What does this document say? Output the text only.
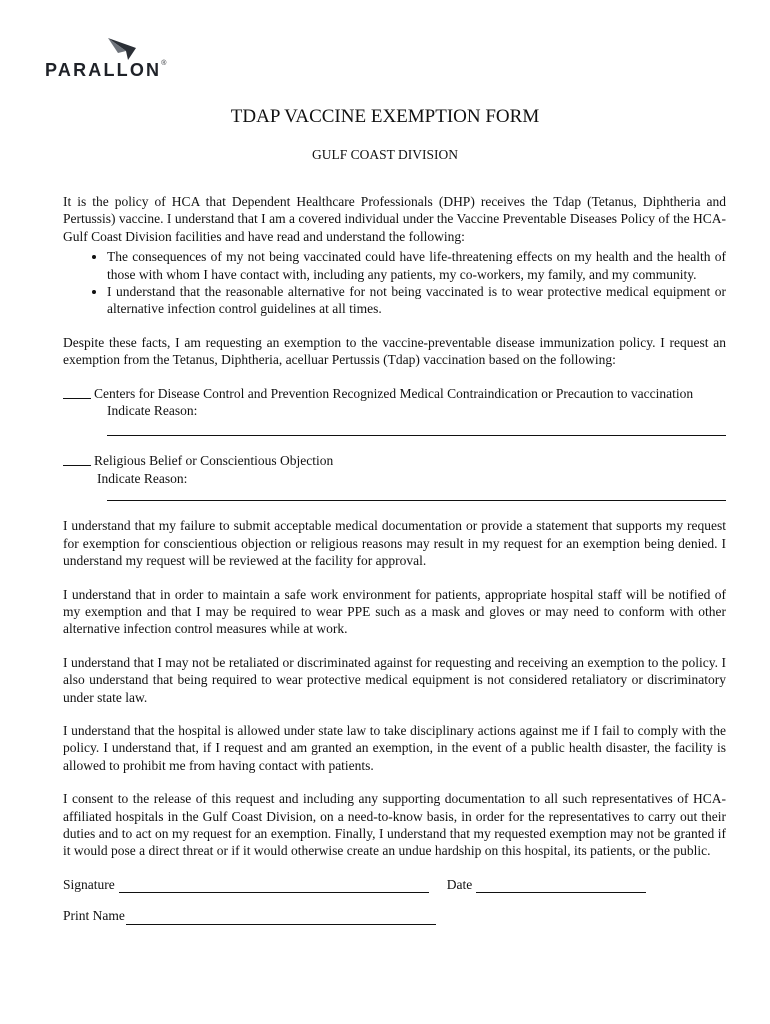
PARALLON®
TDAP VACCINE EXEMPTION FORM
GULF COAST DIVISION

It is the policy of HCA that Dependent Healthcare Professionals (DHP) receives the Tdap (Tetanus, Diphtheria and Pertussis) vaccine. I understand that I am a covered individual under the Vaccine Preventable Diseases Policy of the HCA-Gulf Coast Division facilities and have read and understand the following:

• The consequences of my not being vaccinated could have life-threatening effects on my health and the health of those with whom I have contact with, including any patients, my co-workers, my family, and my community.
• I understand that the reasonable alternative for not being vaccinated is to wear protective medical equipment or alternative infection control guidelines at all times.

Despite these facts, I am requesting an exemption to the vaccine-preventable disease immunization policy. I request an exemption from the Tetanus, Diphtheria, acelluar Pertussis (Tdap) vaccination based on the following:

Centers for Disease Control and Prevention Recognized Medical Contraindication or Precaution to vaccination
Indicate Reason:
Religious Belief or Conscientious Objection
Indicate Reason:

I understand that my failure to submit acceptable medical documentation or provide a statement that supports my request for exemption for conscientious objection or religious reasons may result in my request for an exemption being denied. I understand my request will be reviewed at the facility for approval.

I understand that in order to maintain a safe work environment for patients, appropriate hospital staff will be notified of my exemption and that I may be required to wear PPE such as a mask and gloves or may need to conform with other alternative infection control measures while at work.

I understand that I may not be retaliated or discriminated against for requesting and receiving an exemption to the policy. I also understand that being required to wear protective medical equipment is not considered retaliatory or discriminatory under state law.

I understand that the hospital is allowed under state law to take disciplinary actions against me if I fail to comply with the policy. I understand that, if I request and am granted an exemption, in the event of a public health disaster, the facility is allowed to prohibit me from having contact with patients.

I consent to the release of this request and including any supporting documentation to all such representatives of HCA-affiliated hospitals in the Gulf Coast Division, on a need-to-know basis, in order for the representatives to carry out their duties and to act on my request for an exemption. Finally, I understand that my requested exemption may not be granted if it would pose a direct threat or if it would otherwise create an undue hardship on this hospital, its patients, or the public.

Signature	Date
Print Name
